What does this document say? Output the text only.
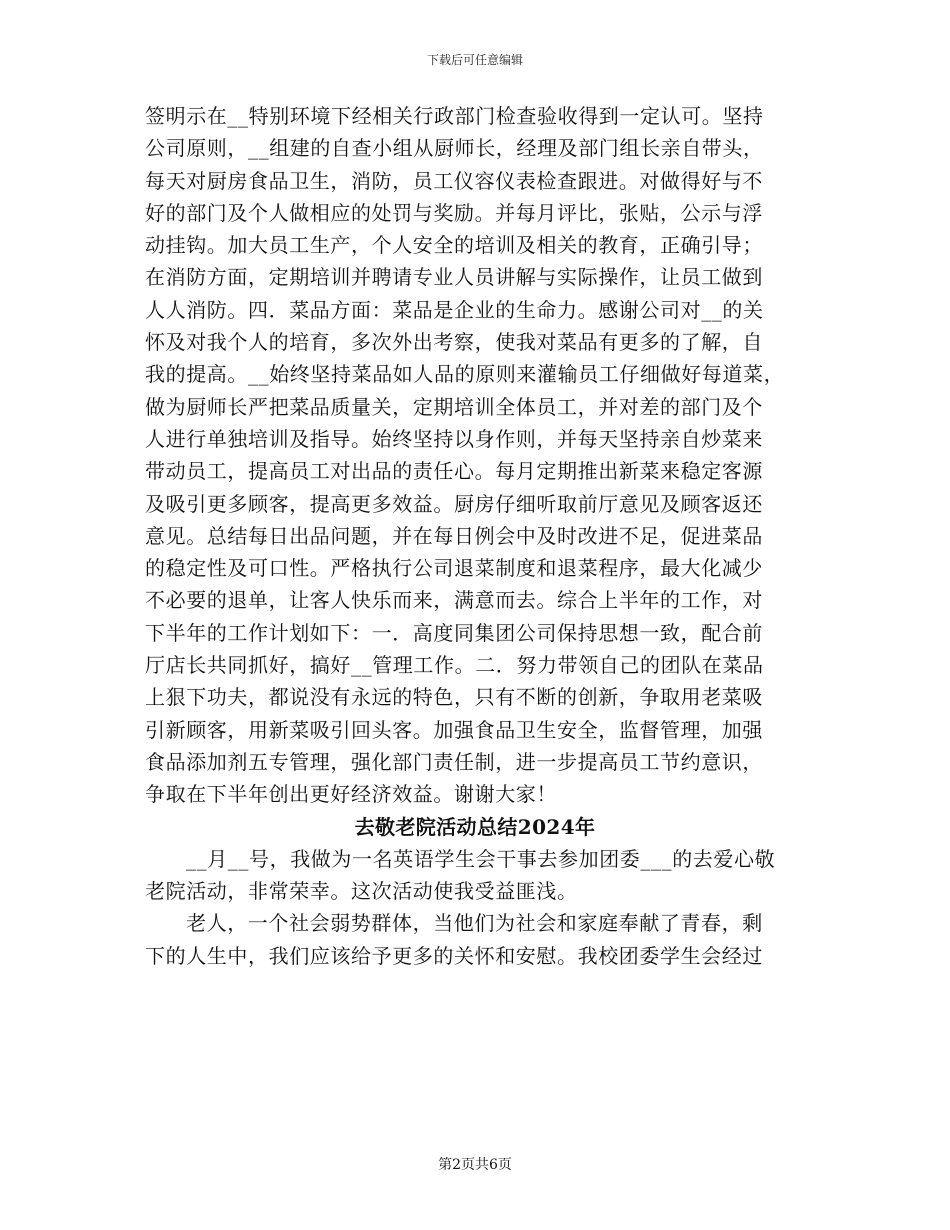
下载后可任意编辑
签明示在__特别环境下经相关行政部门检查验收得到一定认可。坚持
公司原则，__组建的自查小组从厨师长，经理及部门组长亲自带头，
每天对厨房食品卫生，消防，员工仪容仪表检查跟进。对做得好与不
好的部门及个人做相应的处罚与奖励。并每月评比，张贴，公示与浮
动挂钩。加大员工生产，个人安全的培训及相关的教育，正确引导；
在消防方面，定期培训并聘请专业人员讲解与实际操作，让员工做到
人人消防。四．菜品方面：菜品是企业的生命力。感谢公司对__的关
怀及对我个人的培育，多次外出考察，使我对菜品有更多的了解，自
我的提高。__始终坚持菜品如人品的原则来灌输员工仔细做好每道菜，
做为厨师长严把菜品质量关，定期培训全体员工，并对差的部门及个
人进行单独培训及指导。始终坚持以身作则，并每天坚持亲自炒菜来
带动员工，提高员工对出品的责任心。每月定期推出新菜来稳定客源
及吸引更多顾客，提高更多效益。厨房仔细听取前厅意见及顾客返还
意见。总结每日出品问题，并在每日例会中及时改进不足，促进菜品
的稳定性及可口性。严格执行公司退菜制度和退菜程序，最大化减少
不必要的退单，让客人快乐而来，满意而去。综合上半年的工作，对
下半年的工作计划如下：一．高度同集团公司保持思想一致，配合前
厅店长共同抓好，搞好__管理工作。二．努力带领自己的团队在菜品
上狠下功夫，都说没有永远的特色，只有不断的创新，争取用老菜吸
引新顾客，用新菜吸引回头客。加强食品卫生安全，监督管理，加强
食品添加剂五专管理，强化部门责任制，进一步提高员工节约意识，
争取在下半年创出更好经济效益。谢谢大家！
去敬老院活动总结2024年
__月__号，我做为一名英语学生会干事去参加团委___的去爱心敬
老院活动，非常荣幸。这次活动使我受益匪浅。
老人，一个社会弱势群体，当他们为社会和家庭奉献了青春，剩
下的人生中，我们应该给予更多的关怀和安慰。我校团委学生会经过
第2页共6页
